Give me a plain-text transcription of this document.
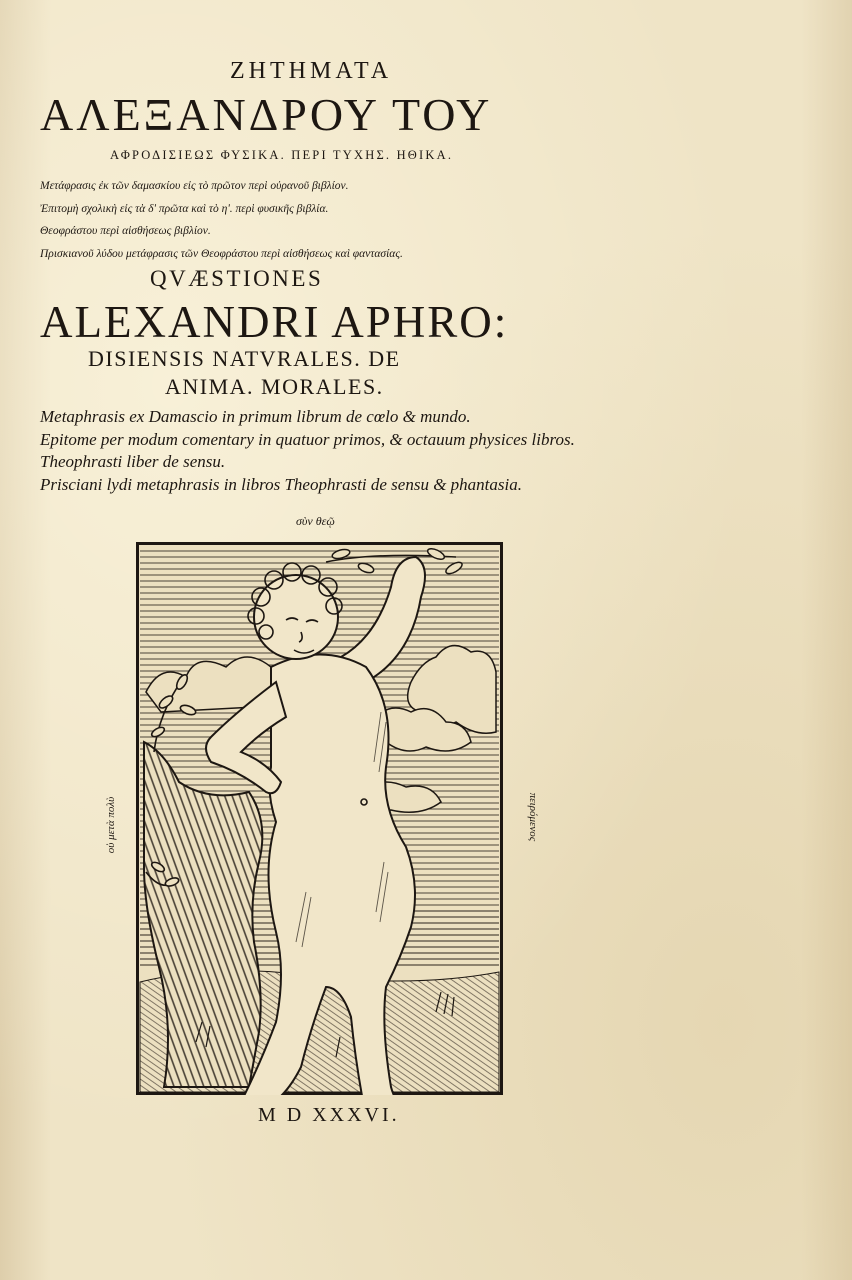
ΖΗΤΗΜΑΤΑ
ΑΛΕΞΑΝΔΡΟΥ ΤΟΥ
ΑΦΡΟΔΙΣΙΕΩΣ ΦΥΣΙΚΑ. ΠΕΡΙ ΤΥΧΗΣ. ΗΘΙΚΑ.
Μετάφρασις ἐκ τῶν δαμασκίου εἰς τὸ πρῶτον περὶ οὐρανοῦ βιβλίον.
Ἐπιτομὴ σχολικὴ εἰς τὰ δʹ πρῶτα καὶ τὸ ηʹ. περὶ φυσικῆς βιβλία.
Θεοφράστου περὶ αἰσθήσεως βιβλίον.
Πρισκιανοῦ λύδου μετάφρασις τῶν Θεοφράστου περὶ αἰσθήσεως καὶ φαντασίας.
QVÆSTIONES
ALEXANDRI APHRO:
DISIENSIS NATVRALES. DE
ANIMA. MORALES.
Metaphrasis ex Damascio in primum librum de cœlo & mundo.
Epitome per modum comentary in quatuor primos, & octauum physices libros.
Theophrasti liber de sensu.
Prisciani lydi metaphrasis in libros Theophrasti de sensu & phantasia.
σὺν θεῷ
οὐ μετὰ πολὺ	πειρόμενος
M D XXXVI.
